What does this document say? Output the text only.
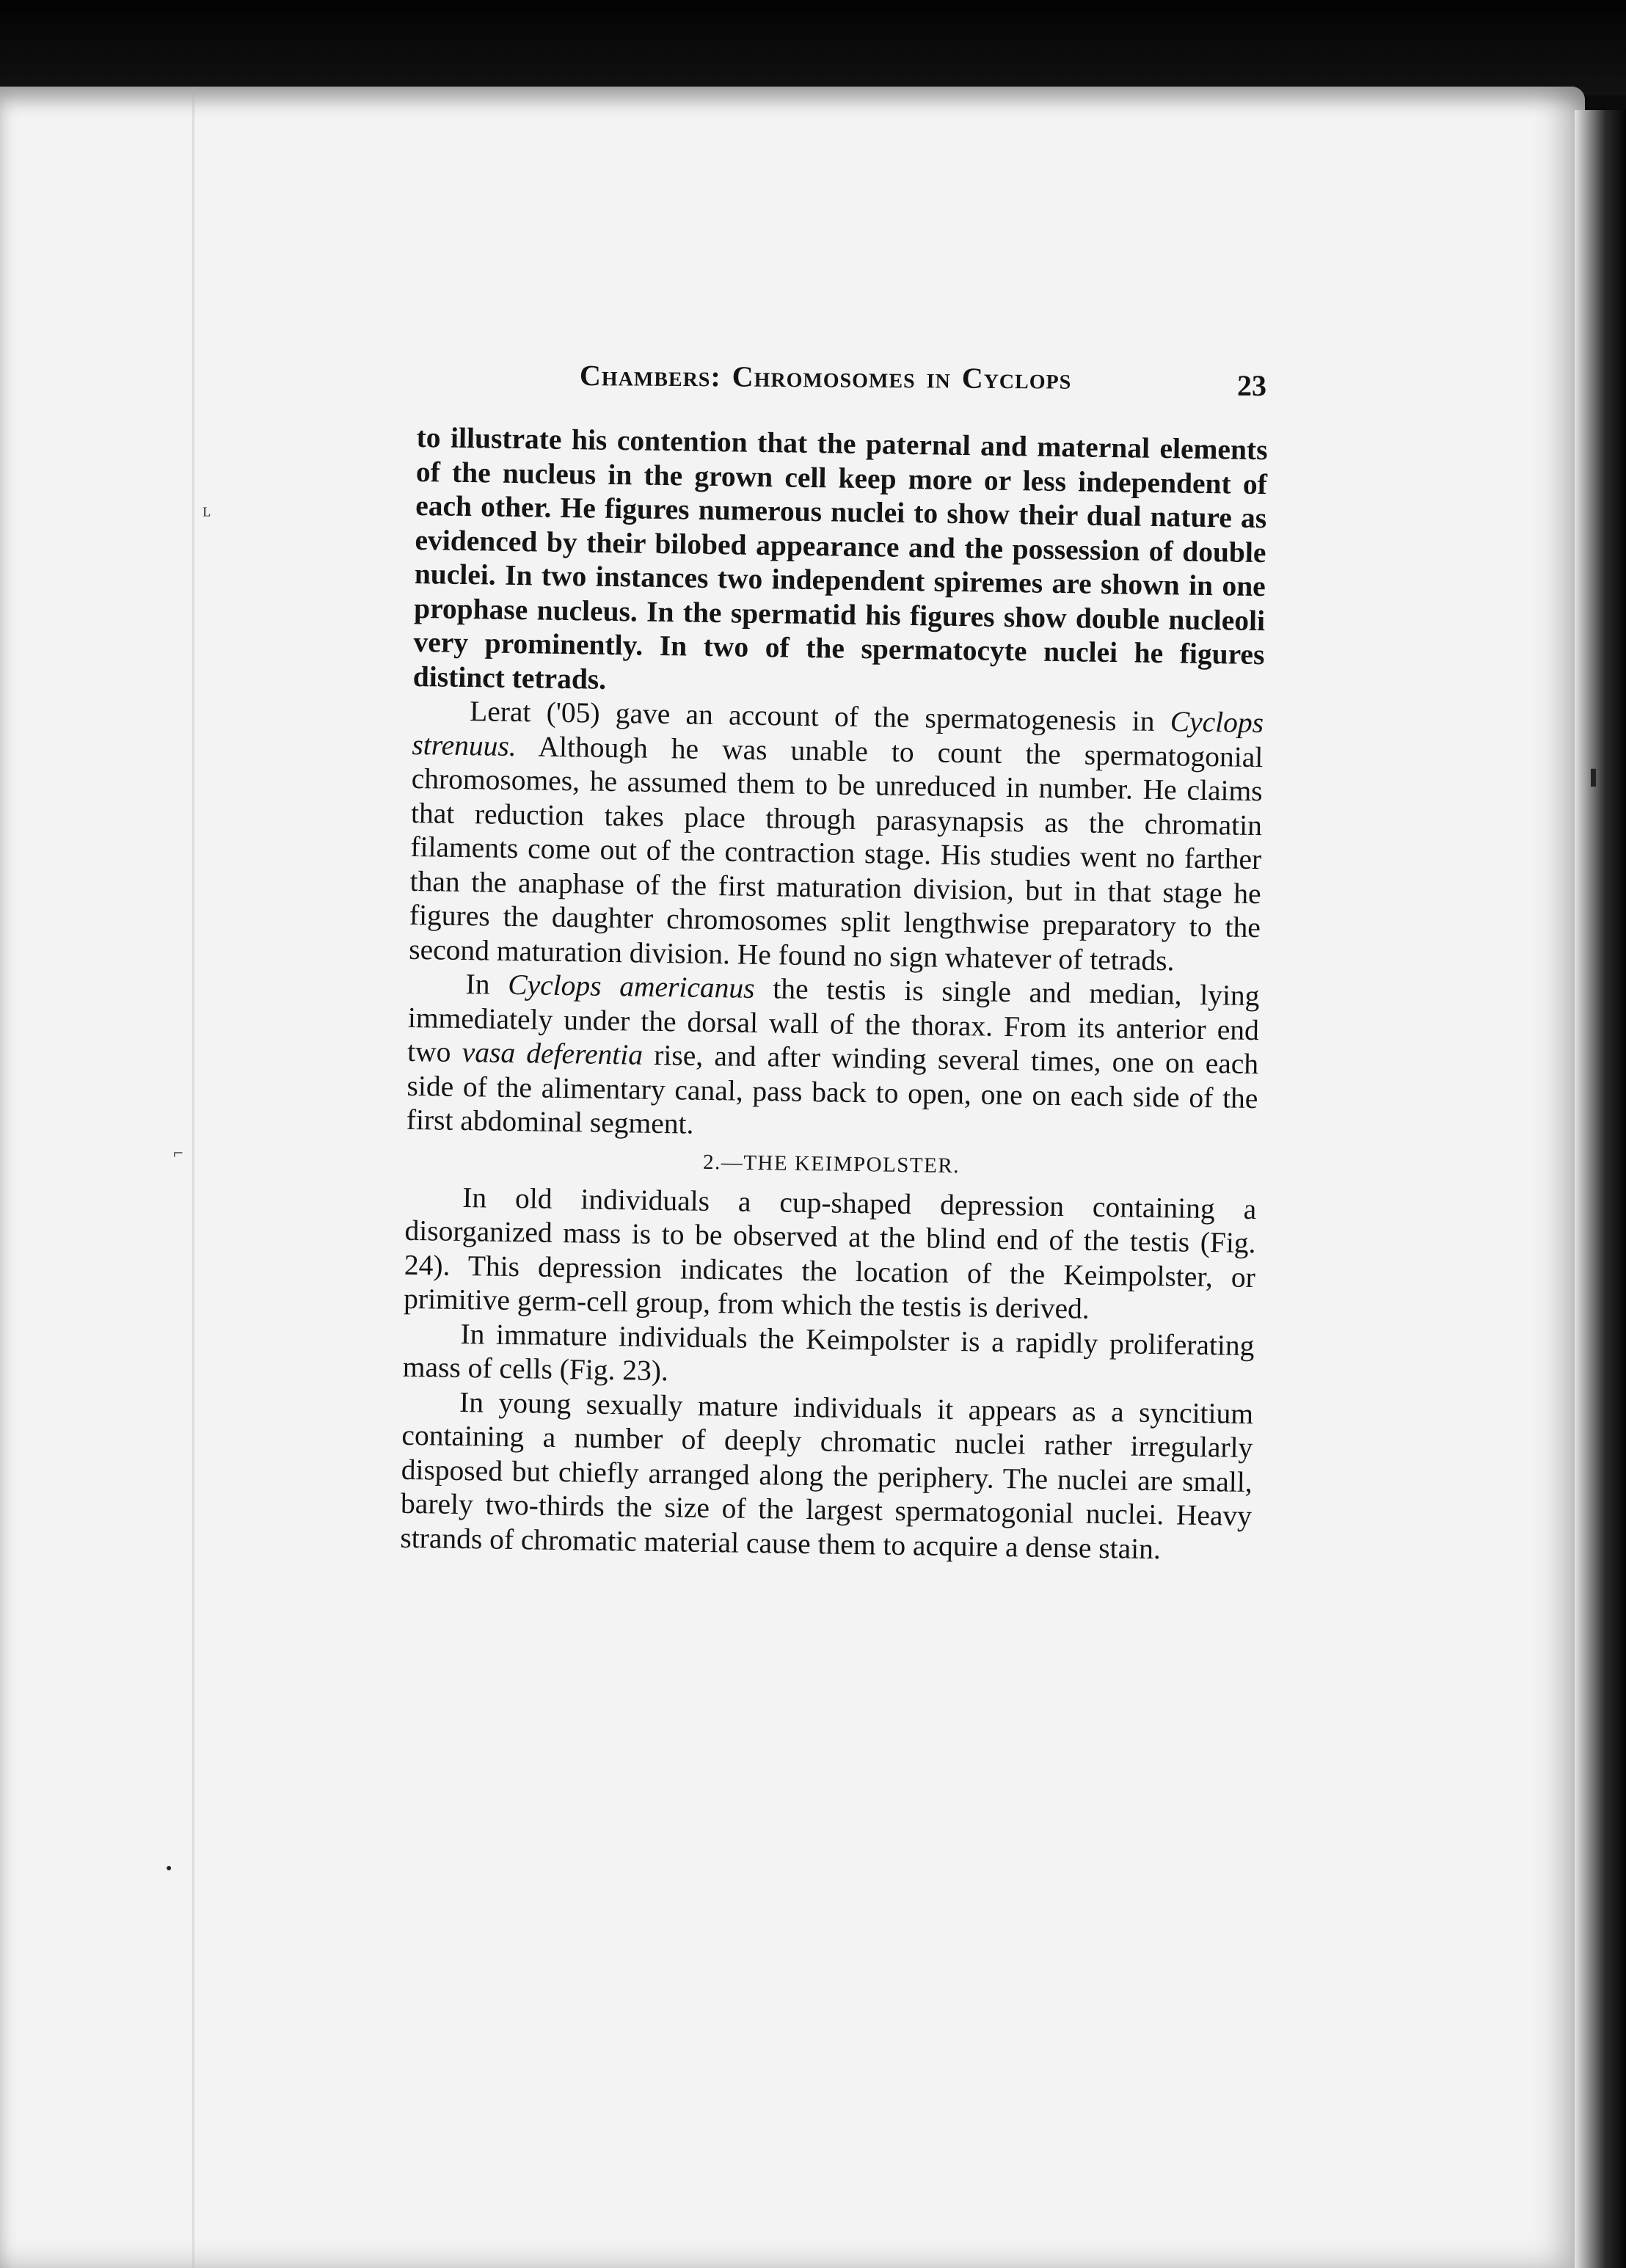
ᴸ
⌐
●
▌
Chambers: Chromosomes in Cyclops	23

to illustrate his contention that the paternal and maternal elements of the nucleus in the grown cell keep more or less independent of each other. He figures numerous nuclei to show their dual nature as evidenced by their bilobed appearance and the possession of double nuclei. In two instances two independent spiremes are shown in one prophase nucleus. In the spermatid his figures show double nucleoli very prominently. In two of the spermatocyte nuclei he figures distinct tetrads.

Lerat ('05) gave an account of the spermatogenesis in Cyclops strenuus. Although he was unable to count the spermatogonial chromosomes, he assumed them to be unreduced in number. He claims that reduction takes place through parasynapsis as the chromatin filaments come out of the contraction stage. His studies went no farther than the anaphase of the first maturation division, but in that stage he figures the daughter chromosomes split lengthwise preparatory to the second maturation division. He found no sign whatever of tetrads.

In Cyclops americanus the testis is single and median, lying immediately under the dorsal wall of the thorax. From its anterior end two vasa deferentia rise, and after winding several times, one on each side of the alimentary canal, pass back to open, one on each side of the first abdominal segment.

2.—THE KEIMPOLSTER.

In old individuals a cup-shaped depression containing a disorganized mass is to be observed at the blind end of the testis (Fig. 24). This depression indicates the location of the Keimpolster, or primitive germ-cell group, from which the testis is derived.

In immature individuals the Keimpolster is a rapidly proliferating mass of cells (Fig. 23).

In young sexually mature individuals it appears as a syncitium containing a number of deeply chromatic nuclei rather irregularly disposed but chiefly arranged along the periphery. The nuclei are small, barely two-thirds the size of the largest spermatogonial nuclei. Heavy strands of chromatic material cause them to acquire a dense stain.
